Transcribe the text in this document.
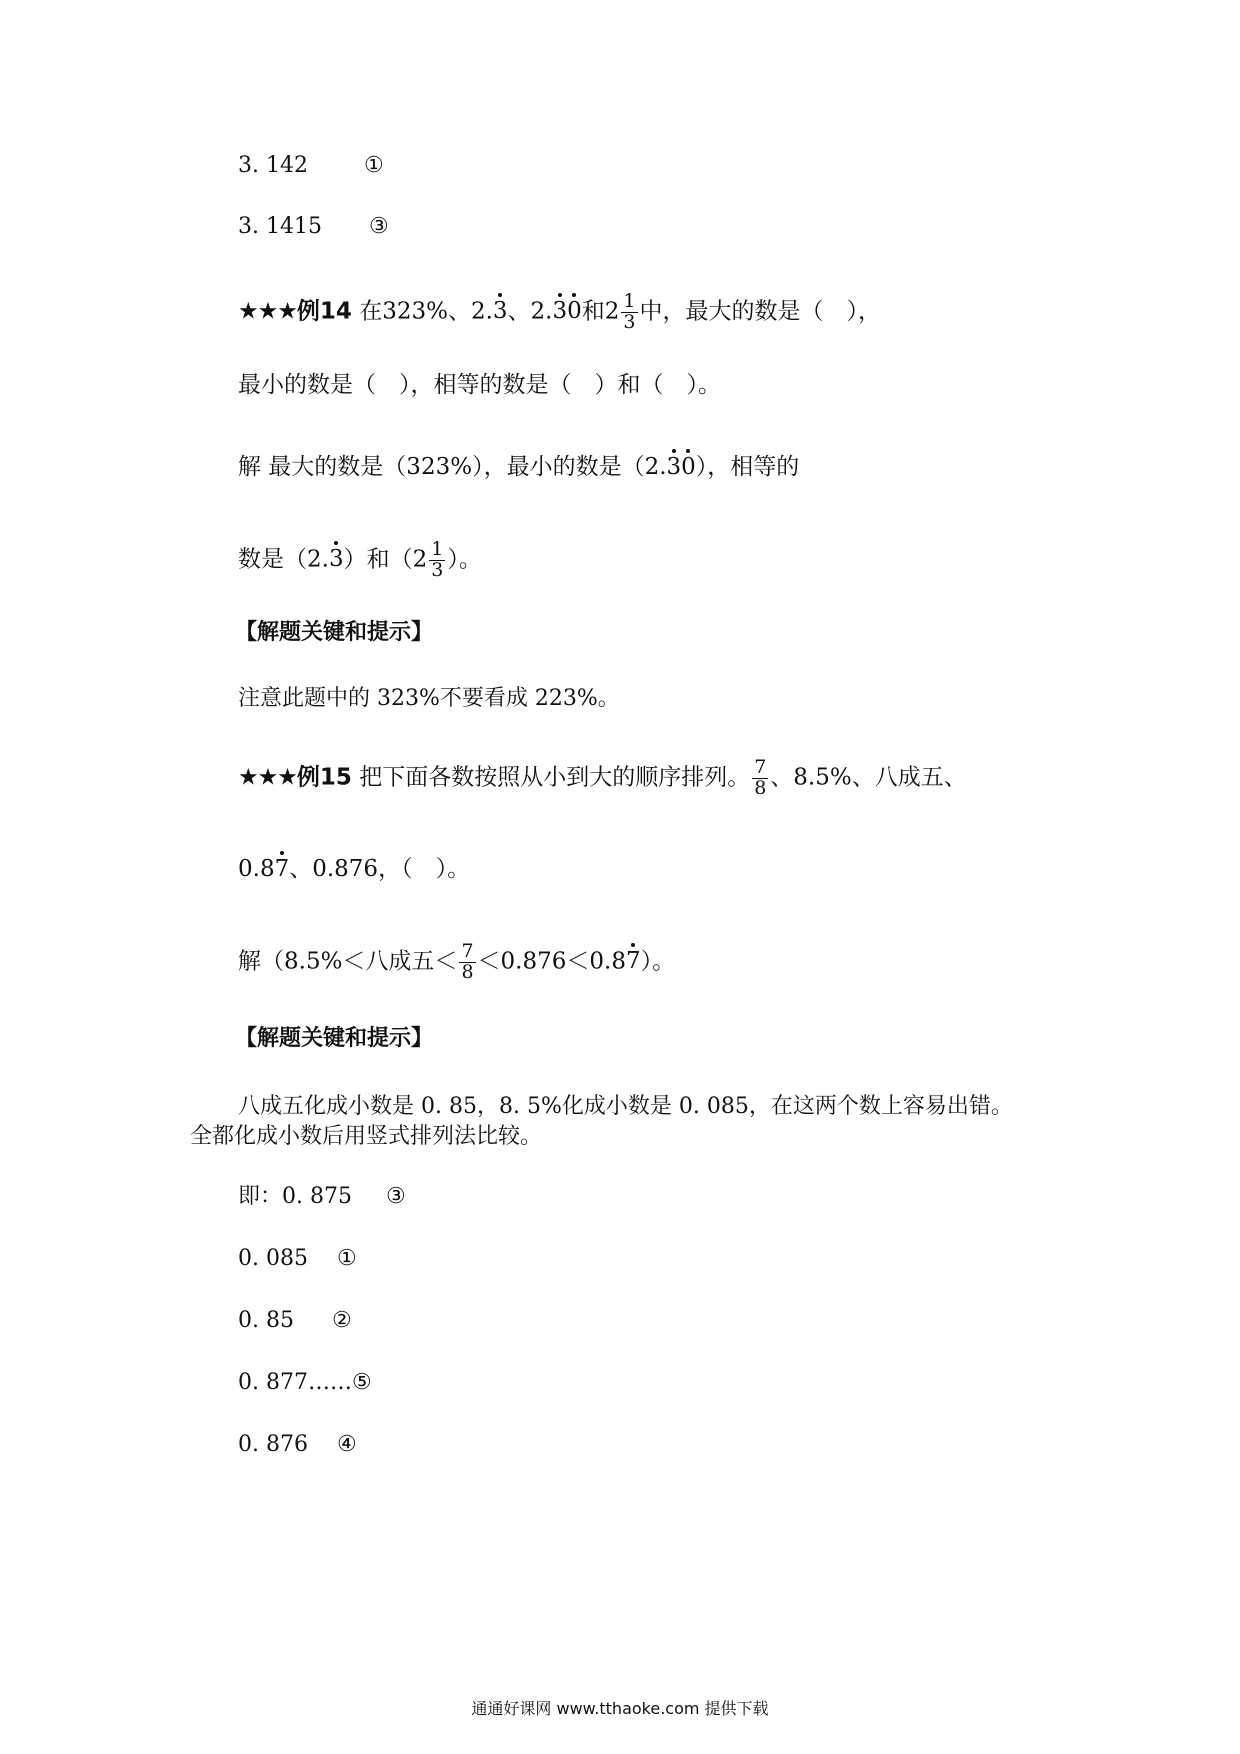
3. 142	①
3. 1415 ③
★★★例14 在323%、2.3、2.30和$2 \frac{1}{3}$ 中，最大的数是（　），
最小的数是（　），相等的数是（　）和（　）。
解 最大的数是（323%），最小的数是（2.30），相等的
数是（2.3）和（$2 \frac{1}{3}$ ）。
【解题关键和提示】
注意此题中的 323%不要看成 223%。
★★★例15 把下面各数按照从小到大的顺序排列。 $\frac{7}{8}$ 、8.5%、八成五、
0.87、0.876，（　）。
解（8.5%＜八成五＜ $\frac{7}{8} <0.876<0.87$）。
【解题关键和提示】
八成五化成小数是 0. 85，8. 5%化成小数是 0. 085，在这两个数上容易出错。
全都化成小数后用竖式排列法比较。
即：0. 875 ③
0. 085 ①
0. 85 ②
0. 877……⑤
0. 876 ④
通通好课网 www.tthaoke.com 提供下载
